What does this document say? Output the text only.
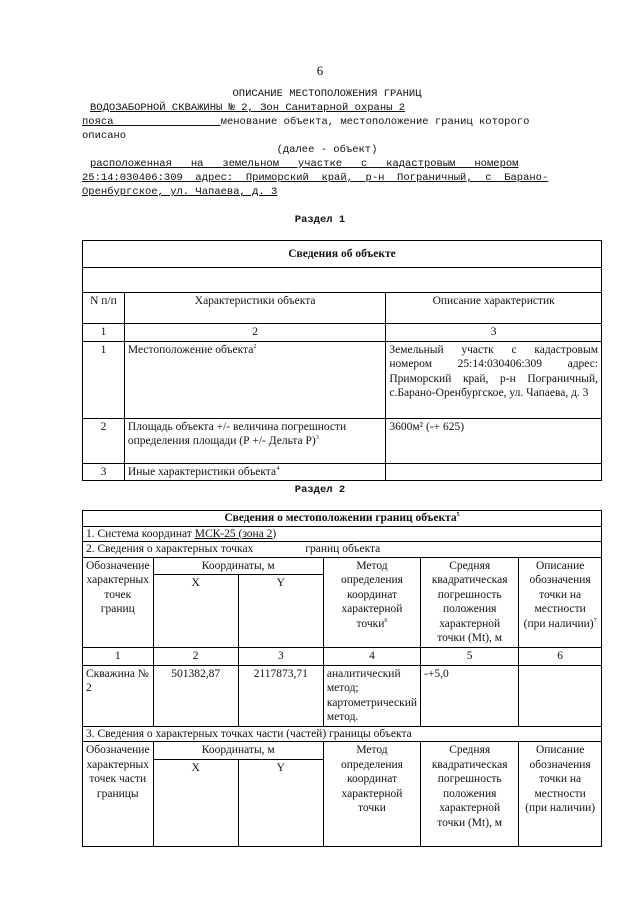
6
ОПИСАНИЕ МЕСТОПОЛОЖЕНИЯ ГРАНИЦ
ВОДОЗАБОРНОЙ СКВАЖИНЫ № 2, Зон Санитарной охраны 2
пояса	менование объекта, местоположение границ которого
описано
(далее - объект)
расположенная   на   земельном   участке   с   кадастровым   номером
25:14:030406:309  адрес:  Приморский  край,  р-н  Пограничный,  с  Барано-
Оренбургское, ул. Чапаева, д. 3
Раздел 1
Сведения об объекте		

N п/п	Характеристики объекта	Описание характеристик
1	2	3
1	Местоположение объекта$^2$	Земельный участк с кадастровым номером 25:14:030406:309 адрес: Приморский край, р-н Пограничный, с.Барано-Оренбургское, ул. Чапаева, д. 3
2	Площадь объекта +/- величина погрешности определения площади (Р +/- Дельта Р)$^3$	3600м² (-+ 625)
3	Иные характеристики объекта$^4$	
Раздел 2
Сведения о местоположении границ объекта$^5$
1. Система координат МСК-25 (зона 2)					
2. Сведения о характерных точках границ объекта					
Обозначение характерных точек границ	Координаты, м		Метод определения координат характерной точки$^6$	Средняя квадратическая погрешность положения характерной точки (Mt), м	Описание обозначения точки на местности (при наличии)$^7$
	X	Y			
1	2	3	4	5	6
Скважина № 2	501382,87	2117873,71	аналитический метод; картометрический метод.	-+5,0	
3. Сведения о характерных точках части (частей) границы объекта					
Обозначение характерных точек части границы	Координаты, м		Метод определения координат характерной точки	Средняя квадратическая погрешность положения характерной точки (Mt), м	Описание обозначения точки на местности (при наличии)
	X	Y			
